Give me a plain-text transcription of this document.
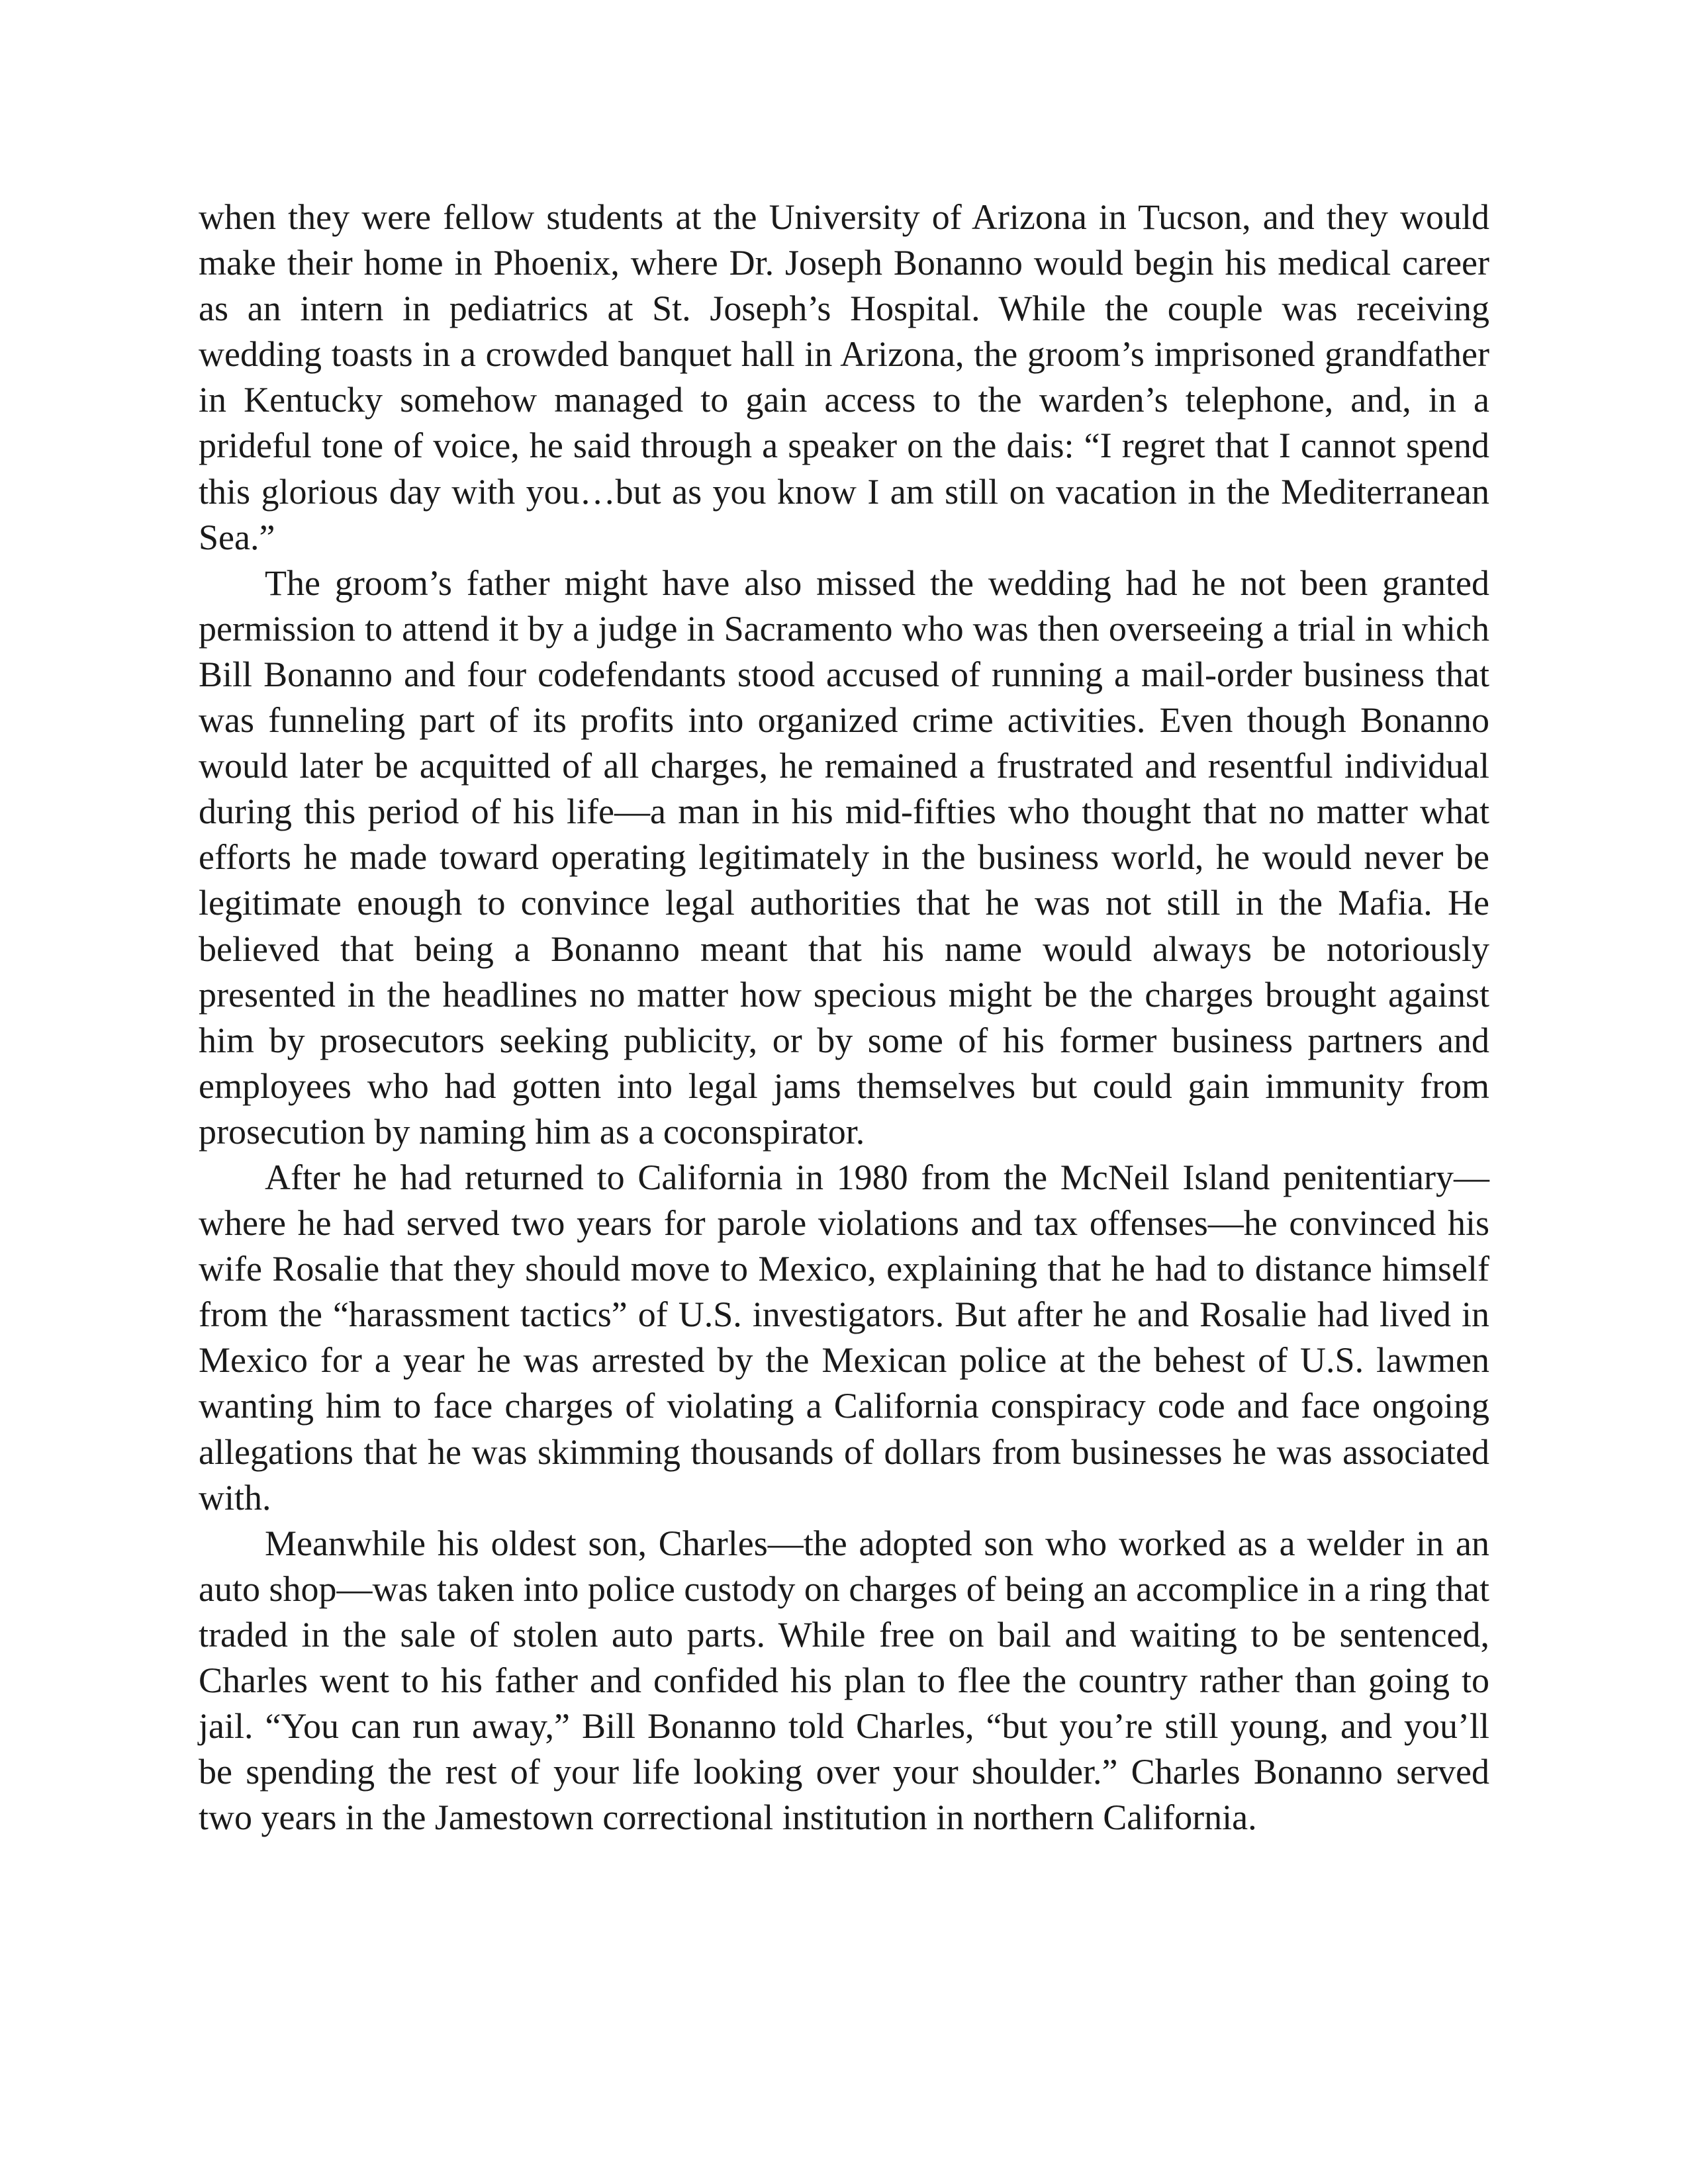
when they were fellow students at the University of Arizona in Tucson, and they would make their home in Phoenix, where Dr. Joseph Bonanno would begin his medical career as an intern in pediatrics at St. Joseph’s Hospital. While the couple was receiving wedding toasts in a crowded banquet hall in Arizona, the groom’s imprisoned grandfather in Kentucky somehow managed to gain access to the warden’s telephone, and, in a prideful tone of voice, he said through a speaker on the dais: “I regret that I cannot spend this glorious day with you…but as you know I am still on vacation in the Mediterranean Sea.”

The groom’s father might have also missed the wedding had he not been granted permission to attend it by a judge in Sacramento who was then overseeing a trial in which Bill Bonanno and four codefendants stood accused of running a mail-order business that was funneling part of its profits into organized crime activities. Even though Bonanno would later be acquitted of all charges, he remained a frustrated and resentful individual during this period of his life—a man in his mid-fifties who thought that no matter what efforts he made toward operating legitimately in the business world, he would never be legitimate enough to convince legal authorities that he was not still in the Mafia. He believed that being a Bonanno meant that his name would always be notoriously presented in the headlines no matter how specious might be the charges brought against him by prosecutors seeking publicity, or by some of his former business partners and employees who had gotten into legal jams themselves but could gain immunity from prosecution by naming him as a coconspirator.

After he had returned to California in 1980 from the McNeil Island penitentiary—where he had served two years for parole violations and tax offenses—he convinced his wife Rosalie that they should move to Mexico, explaining that he had to distance himself from the “harassment tactics” of U.S. investigators. But after he and Rosalie had lived in Mexico for a year he was arrested by the Mexican police at the behest of U.S. lawmen wanting him to face charges of violating a California conspiracy code and face ongoing allegations that he was skimming thousands of dollars from businesses he was associated with.

Meanwhile his oldest son, Charles—the adopted son who worked as a welder in an auto shop—was taken into police custody on charges of being an accomplice in a ring that traded in the sale of stolen auto parts. While free on bail and waiting to be sentenced, Charles went to his father and confided his plan to flee the country rather than going to jail. “You can run away,” Bill Bonanno told Charles, “but you’re still young, and you’ll be spending the rest of your life looking over your shoulder.” Charles Bonanno served two years in the Jamestown correctional institution in northern California.
